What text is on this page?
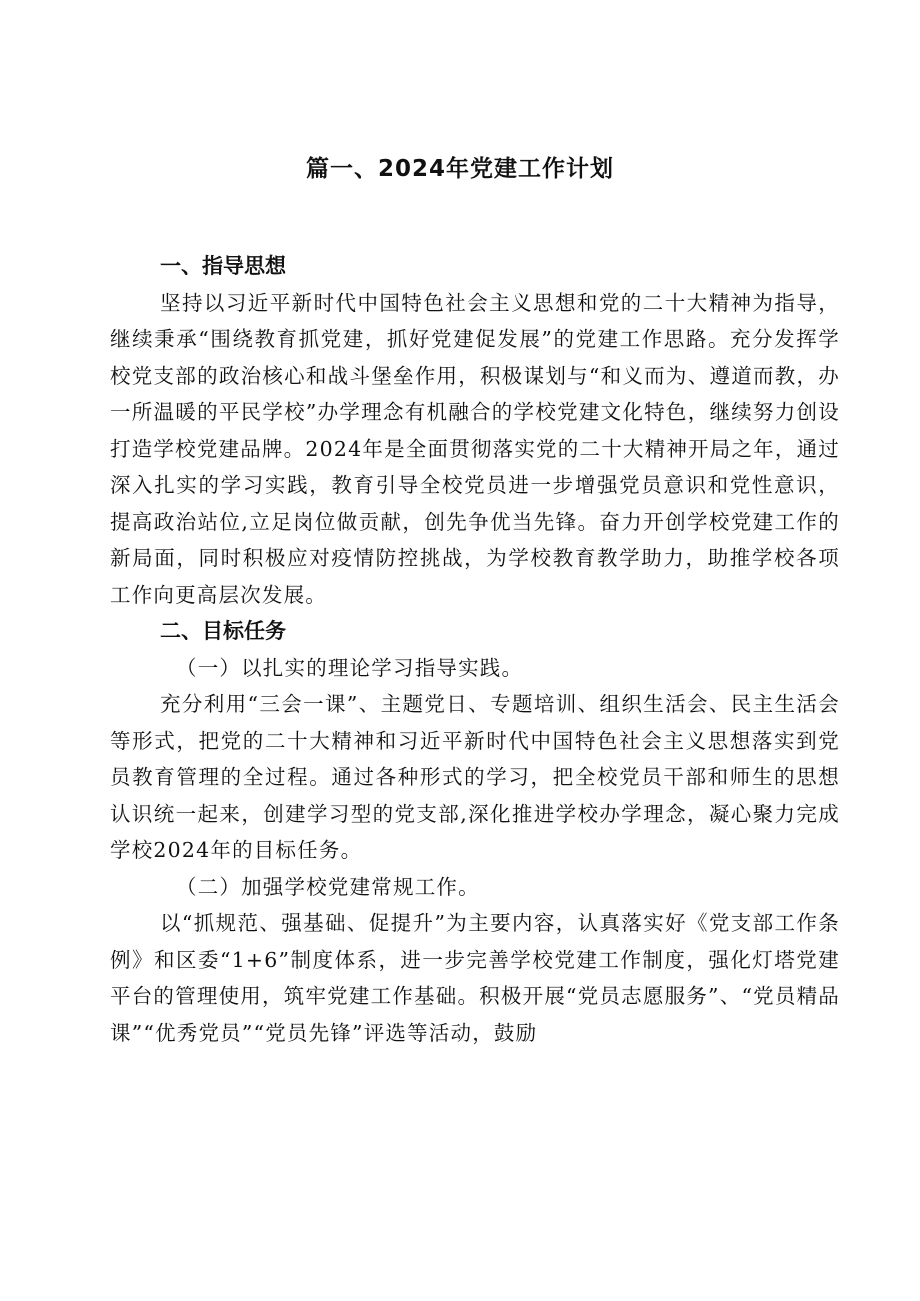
篇一、2024年党建工作计划

一、指导思想

坚持以习近平新时代中国特色社会主义思想和党的二十大精神为指导，继续秉承“围绕教育抓党建，抓好党建促发展”的党建工作思路。充分发挥学校党支部的政治核心和战斗堡垒作用，积极谋划与“和义而为、遵道而教，办一所温暖的平民学校”办学理念有机融合的学校党建文化特色，继续努力创设打造学校党建品牌。2024年是全面贯彻落实党的二十大精神开局之年，通过深入扎实的学习实践，教育引导全校党员进一步增强党员意识和党性意识，提高政治站位,立足岗位做贡献，创先争优当先锋。奋力开创学校党建工作的新局面，同时积极应对疫情防控挑战，为学校教育教学助力，助推学校各项工作向更高层次发展。

二、目标任务

（一）以扎实的理论学习指导实践。

充分利用“三会一课”、主题党日、专题培训、组织生活会、民主生活会等形式，把党的二十大精神和习近平新时代中国特色社会主义思想落实到党员教育管理的全过程。通过各种形式的学习，把全校党员干部和师生的思想认识统一起来，创建学习型的党支部,深化推进学校办学理念，凝心聚力完成学校2024年的目标任务。

（二）加强学校党建常规工作。

以“抓规范、强基础、促提升”为主要内容，认真落实好《党支部工作条例》和区委“1+6”制度体系，进一步完善学校党建工作制度，强化灯塔党建平台的管理使用，筑牢党建工作基础。积极开展“党员志愿服务”、“党员精品课”“优秀党员”“党员先锋”评选等活动，鼓励
